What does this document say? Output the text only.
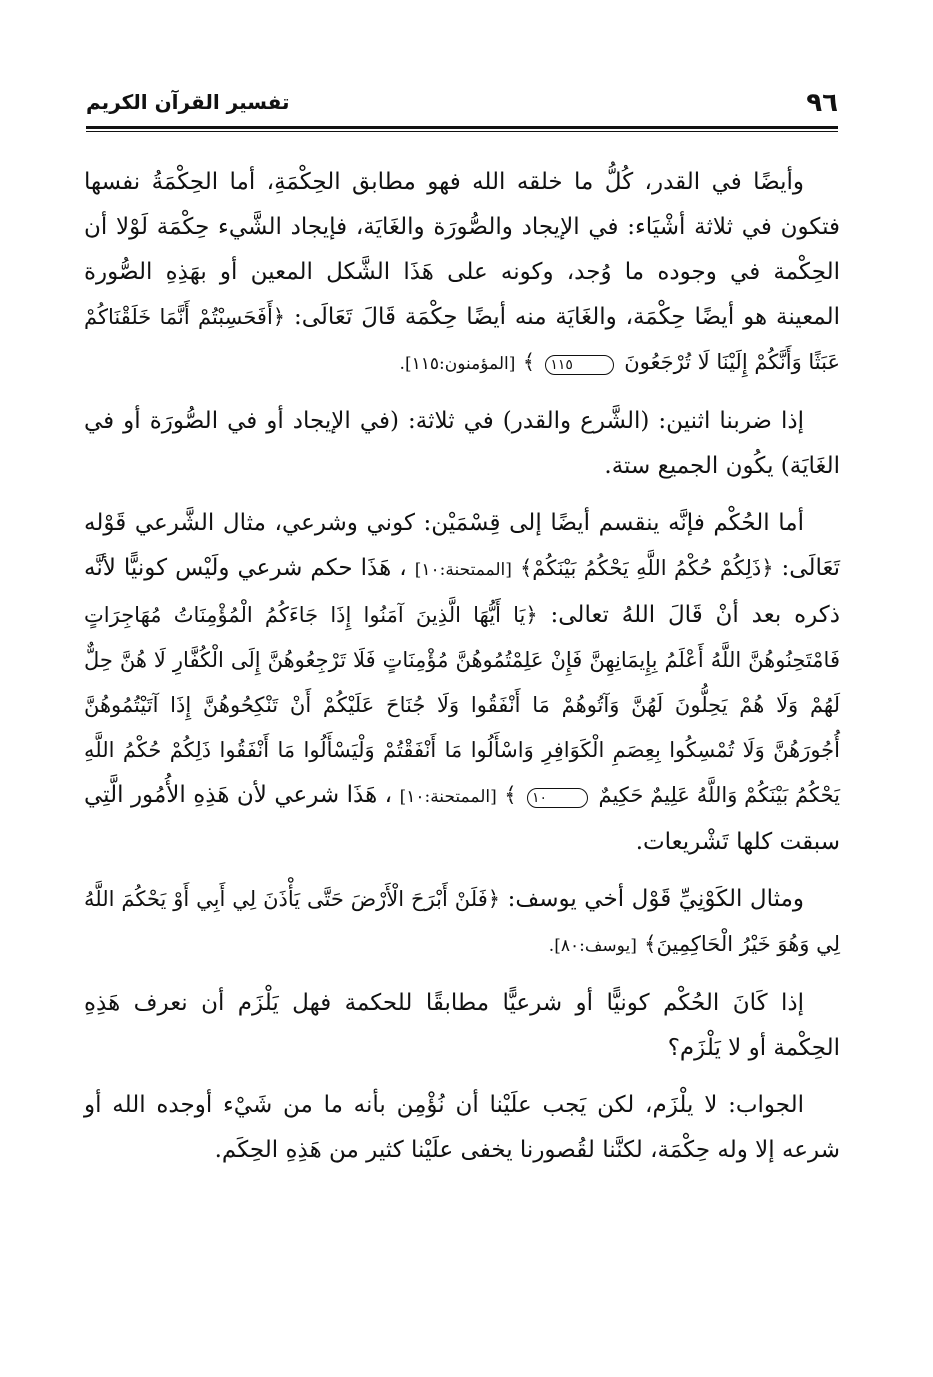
٩٦
تفسير القرآن الكريم

وأيضًا في القدر، كُلُّ ما خلقه الله فهو مطابق الحِكْمَةِ، أما الحِكْمَةُ نفسها فتكون في ثلاثة أشْيَاء: في الإيجاد والصُّورَة والغَايَة، فإيجاد الشَّيء حِكْمَة لَوْلا أن الحِكْمة في وجوده ما وُجد، وكونه على هَذَا الشَّكل المعين أو بهَذِهِ الصُّورة المعينة هو أيضًا حِكْمَة، والغَايَة منه أيضًا حِكْمَة قَالَ تَعَالَى: ﴿أَفَحَسِبْتُمْ أَنَّمَا خَلَقْنَاكُمْ عَبَثًا وَأَنَّكُمْ إِلَيْنَا لَا تُرْجَعُونَ ١١٥ ﴾ [المؤمنون:١١٥].

إذا ضربنا اثنين: (الشَّرع والقدر) في ثلاثة: (في الإيجاد أو في الصُّورَة أو في الغَايَة) يكُون الجميع ستة.

أما الحُكْم فإنَّه ينقسم أيضًا إلى قِسْمَيْن: كوني وشرعي، مثال الشَّرعي قَوْله تَعَالَى: ﴿ذَلِكُمْ حُكْمُ اللَّهِ يَحْكُمُ بَيْنَكُمْ﴾ [الممتحنة:١٠] ، هَذَا حكم شرعي ولَيْس كونيًّا لأنَّه ذكره بعد أنْ قَالَ اللهُ تعالى: ﴿يَا أَيُّهَا الَّذِينَ آمَنُوا إِذَا جَاءَكُمُ الْمُؤْمِنَاتُ مُهَاجِرَاتٍ فَامْتَحِنُوهُنَّ اللَّهُ أَعْلَمُ بِإِيمَانِهِنَّ فَإِنْ عَلِمْتُمُوهُنَّ مُؤْمِنَاتٍ فَلَا تَرْجِعُوهُنَّ إِلَى الْكُفَّارِ لَا هُنَّ حِلٌّ لَهُمْ وَلَا هُمْ يَحِلُّونَ لَهُنَّ وَآتُوهُمْ مَا أَنْفَقُوا وَلَا جُنَاحَ عَلَيْكُمْ أَنْ تَنْكِحُوهُنَّ إِذَا آتَيْتُمُوهُنَّ أُجُورَهُنَّ وَلَا تُمْسِكُوا بِعِصَمِ الْكَوَافِرِ وَاسْأَلُوا مَا أَنْفَقْتُمْ وَلْيَسْأَلُوا مَا أَنْفَقُوا ذَلِكُمْ حُكْمُ اللَّهِ يَحْكُمُ بَيْنَكُمْ وَاللَّهُ عَلِيمٌ حَكِيمٌ ١٠ ﴾ [الممتحنة:١٠] ، هَذَا شرعي لأن هَذِهِ الأُمُور الَّتِي سبقت كلها تَشْريعات.

ومثال الكَوْنِيِّ قَوْل أخي يوسف: ﴿فَلَنْ أَبْرَحَ الْأَرْضَ حَتَّى يَأْذَنَ لِي أَبِي أَوْ يَحْكُمَ اللَّهُ لِي وَهُوَ خَيْرُ الْحَاكِمِينَ﴾ [يوسف:٨٠].

إذا كَانَ الحُكْم كونيًّا أو شرعيًّا مطابقًا للحكمة فهل يَلْزَم أن نعرف هَذِهِ الحِكْمة أو لا يَلْزَم؟

الجواب: لا يلْزَم، لكن يَجب علَيْنا أن نُؤْمِن بأنه ما من شَيْء أوجده الله أو شرعه إلا وله حِكْمَة، لكنَّنا لقُصورنا يخفى علَيْنا كثير من هَذِهِ الحِكَم.
